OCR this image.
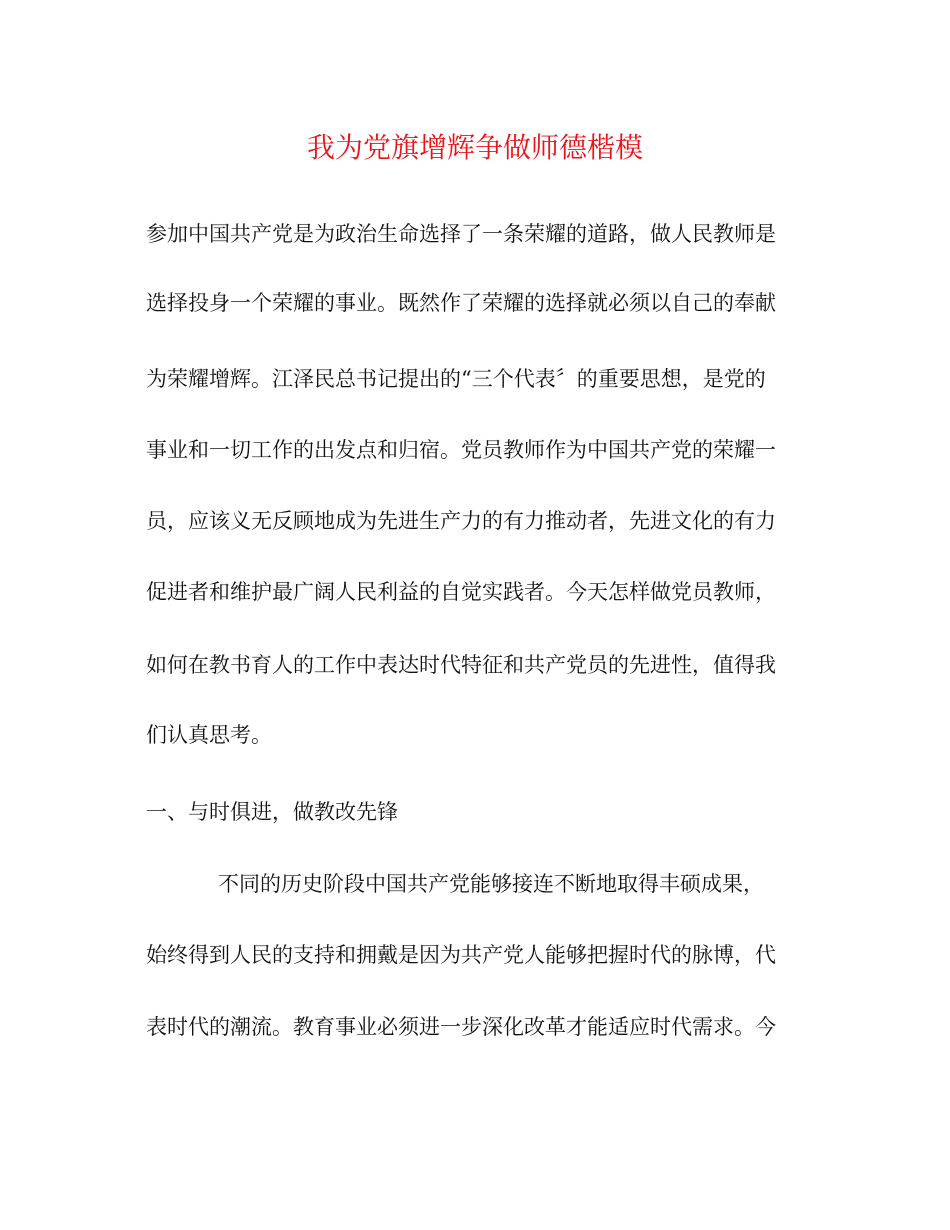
我为党旗增辉争做师德楷模
参加中国共产党是为政治生命选择了一条荣耀的道路，做人民教师是
选择投身一个荣耀的事业。既然作了荣耀的选择就必须以自己的奉献
为荣耀增辉。江泽民总书记提出的“三个代表〞的重要思想，是党的
事业和一切工作的出发点和归宿。党员教师作为中国共产党的荣耀一
员，应该义无反顾地成为先进生产力的有力推动者，先进文化的有力
促进者和维护最广阔人民利益的自觉实践者。今天怎样做党员教师，
如何在教书育人的工作中表达时代特征和共产党员的先进性，值得我
们认真思考。
一、与时俱进，做教改先锋
不同的历史阶段中国共产党能够接连不断地取得丰硕成果，
始终得到人民的支持和拥戴是因为共产党人能够把握时代的脉博，代
表时代的潮流。教育事业必须进一步深化改革才能适应时代需求。今
